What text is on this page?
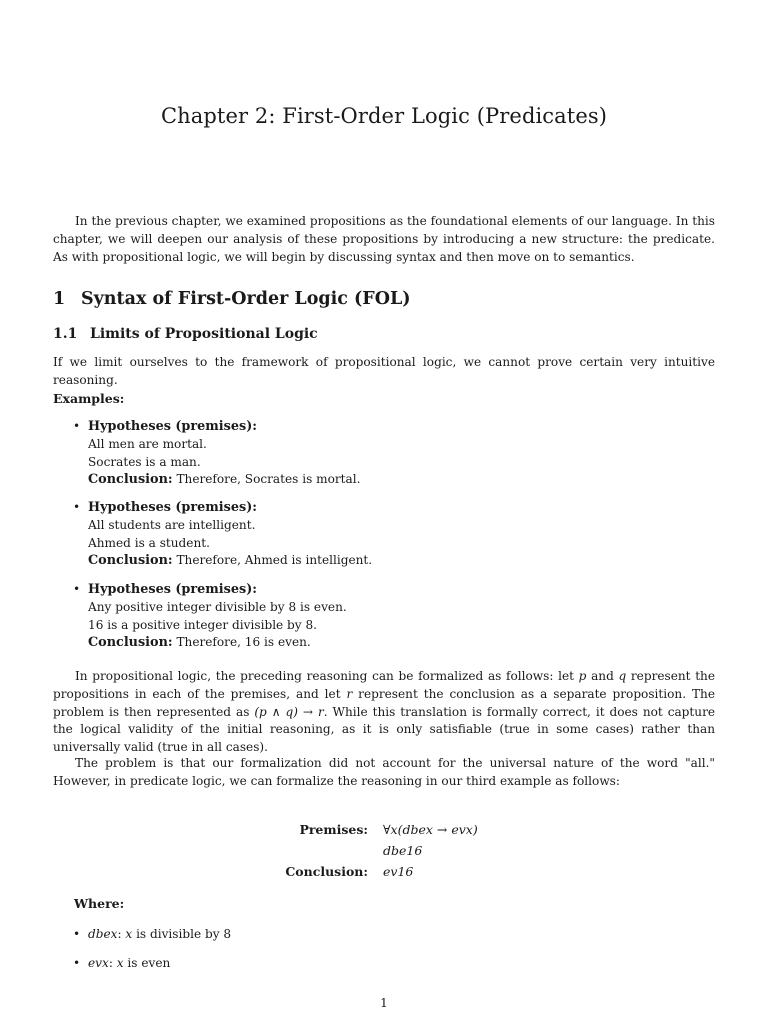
Chapter 2: First-Order Logic (Predicates)

In the previous chapter, we examined propositions as the foundational elements of our language. In this chapter, we will deepen our analysis of these propositions by introducing a new structure: the predicate. As with propositional logic, we will begin by discussing syntax and then move on to semantics.

1 Syntax of First-Order Logic (FOL)
1.1 Limits of Propositional Logic

If we limit ourselves to the framework of propositional logic, we cannot prove certain very intuitive reasoning.

Examples:
• Hypotheses (premises):
All men are mortal.
Socrates is a man.
Conclusion: Therefore, Socrates is mortal.
• Hypotheses (premises):
All students are intelligent.
Ahmed is a student.
Conclusion: Therefore, Ahmed is intelligent.
• Hypotheses (premises):
Any positive integer divisible by 8 is even.
16 is a positive integer divisible by 8.
Conclusion: Therefore, 16 is even.

In propositional logic, the preceding reasoning can be formalized as follows: let p and q represent the propositions in each of the premises, and let r represent the conclusion as a separate proposition. The problem is then represented as (p ∧ q) → r. While this translation is formally correct, it does not capture the logical validity of the initial reasoning, as it is only satisfiable (true in some cases) rather than universally valid (true in all cases).

The problem is that our formalization did not account for the universal nature of the word "all." However, in predicate logic, we can formalize the reasoning in our third example as follows:

Premises: ∀x(dbex → evx)
dbe16
Conclusion: ev16
Where:
• dbex: x is divisible by 8
• evx: x is even
1
